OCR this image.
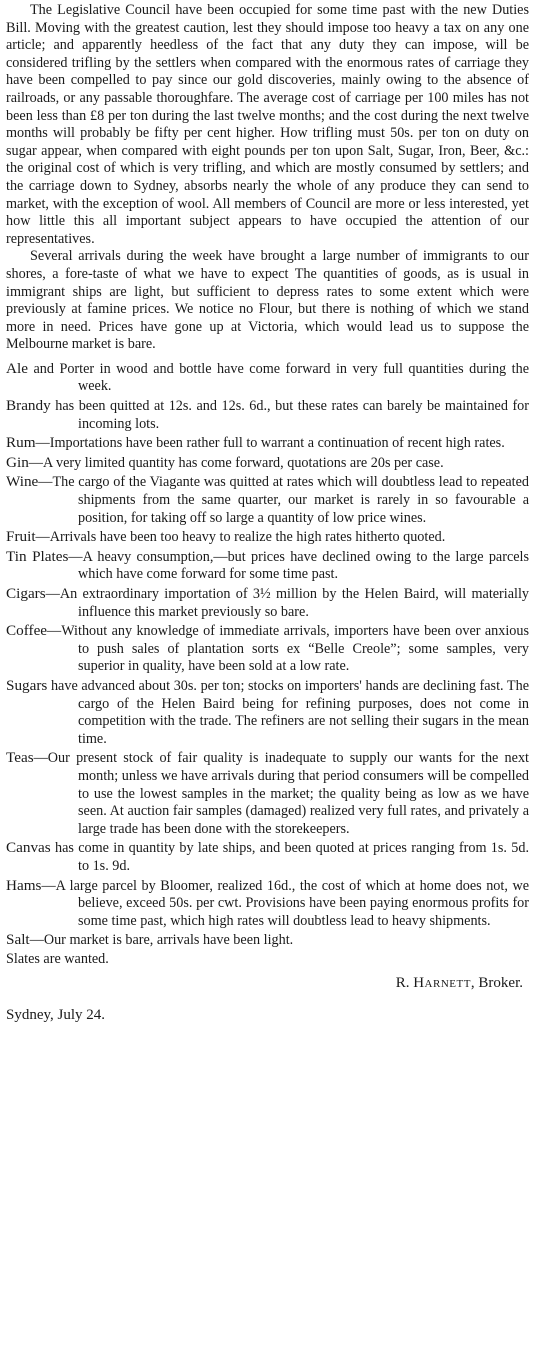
The Legislative Council have been occupied for some time past with the new Duties Bill. Moving with the greatest caution, lest they should impose too heavy a tax on any one article; and apparently heedless of the fact that any duty they can impose, will be considered trifling by the settlers when compared with the enormous rates of carriage they have been compelled to pay since our gold discoveries, mainly owing to the absence of railroads, or any passable thoroughfare. The average cost of carriage per 100 miles has not been less than £8 per ton during the last twelve months; and the cost during the next twelve months will probably be fifty per cent higher. How trifling must 50s. per ton on duty on sugar appear, when compared with eight pounds per ton upon Salt, Sugar, Iron, Beer, &c.: the original cost of which is very trifling, and which are mostly consumed by settlers; and the carriage down to Sydney, absorbs nearly the whole of any produce they can send to market, with the exception of wool. All members of Council are more or less interested, yet how little this all important subject appears to have occupied the attention of our representatives.

Several arrivals during the week have brought a large number of immigrants to our shores, a fore-taste of what we have to expect The quantities of goods, as is usual in immigrant ships are light, but sufficient to depress rates to some extent which were previously at famine prices. We notice no Flour, but there is nothing of which we stand more in need. Prices have gone up at Victoria, which would lead us to suppose the Melbourne market is bare.

Ale and Porter in wood and bottle have come forward in very full quantities during the week.

Brandy has been quitted at 12s. and 12s. 6d., but these rates can barely be maintained for incoming lots.

Rum—Importations have been rather full to warrant a continuation of recent high rates.

Gin—A very limited quantity has come forward, quotations are 20s per case.

Wine—The cargo of the Viagante was quitted at rates which will doubtless lead to repeated shipments from the same quarter, our market is rarely in so favourable a position, for taking off so large a quantity of low price wines.

Fruit—Arrivals have been too heavy to realize the high rates hitherto quoted.

Tin Plates—A heavy consumption,—but prices have declined owing to the large parcels which have come forward for some time past.

Cigars—An extraordinary importation of 3½ million by the Helen Baird, will materially influence this market previously so bare.

Coffee—Without any knowledge of immediate arrivals, importers have been over anxious to push sales of plantation sorts ex “Belle Creole”; some samples, very superior in quality, have been sold at a low rate.

Sugars have advanced about 30s. per ton; stocks on importers' hands are declining fast. The cargo of the Helen Baird being for refining purposes, does not come in competition with the trade. The refiners are not selling their sugars in the mean time.

Teas—Our present stock of fair quality is inadequate to supply our wants for the next month; unless we have arrivals during that period consumers will be compelled to use the lowest samples in the market; the quality being as low as we have seen. At auction fair samples (damaged) realized very full rates, and privately a large trade has been done with the storekeepers.

Canvas has come in quantity by late ships, and been quoted at prices ranging from 1s. 5d. to 1s. 9d.

Hams—A large parcel by Bloomer, realized 16d., the cost of which at home does not, we believe, exceed 50s. per cwt. Provisions have been paying enormous profits for some time past, which high rates will doubtless lead to heavy shipments.

Salt—Our market is bare, arrivals have been light.

Slates are wanted.

R. Harnett, Broker.
Sydney, July 24.
